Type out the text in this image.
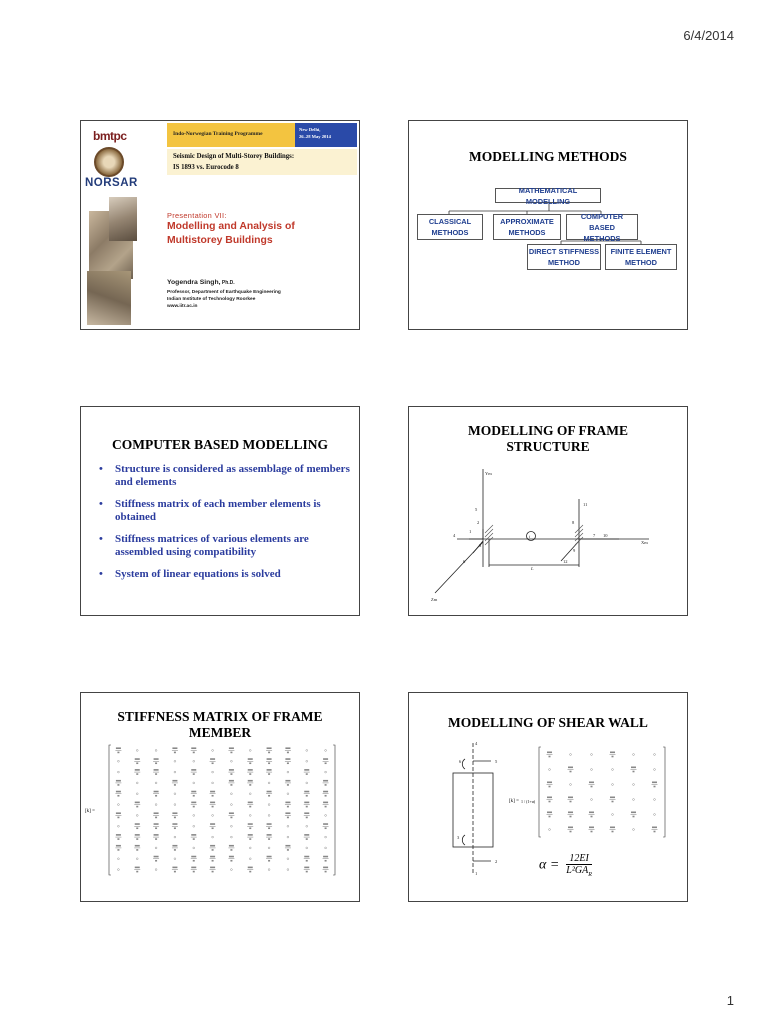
6/4/2014
bmtpc
NORSAR
Indo-Norwegian Training Programme
New Delhi,
26–28 May 2014
Seismic Design of Multi-Storey Buildings:
IS 1893 vs. Eurocode 8
Presentation VII:
Modelling and Analysis of
Multistorey Buildings
Yogendra Singh, Ph.D.
Professor, Department of Earthquake Engineering
Indian Institute of Technology Roorkee
www.iitr.ac.in
MODELLING METHODS
MATHEMATICAL MODELLING
CLASSICAL
METHODS
APPROXIMATE
METHODS
COMPUTER BASED
METHODS
DIRECT STIFFNESS
METHOD
FINITE ELEMENT
METHOD
COMPUTER BASED MODELLING
• Structure is considered as assemblage of members and elements
• Stiffness matrix of each member elements is obtained
• Stiffness matrices of various elements are assembled using compatibility
• System of linear equations is solved
MODELLING OF FRAME
STRUCTURE
Ym
Xm
Zm
1
2
3
4
5
6
7
8
9
10
11
12
i
L
STIFFNESS MATRIX OF FRAME
MEMBER
[k] =
MODELLING OF SHEAR WALL
4
5
6
1
2
3
[k] = 1 / (1+α)
α =	12EI
$L^2GA_R$
1
